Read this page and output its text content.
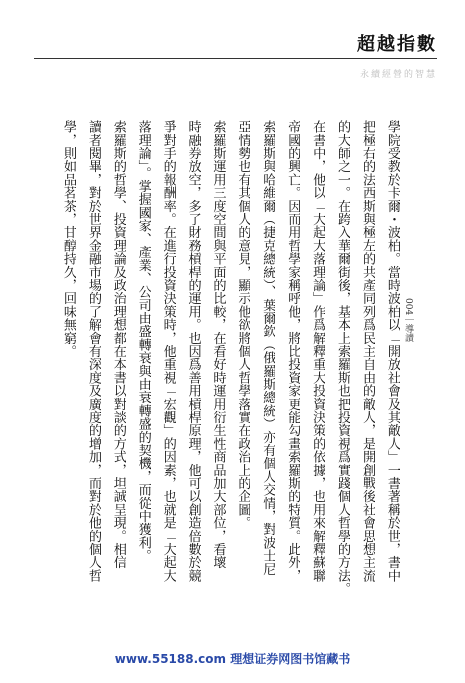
超越指數
永續經營的智慧
學院受教於卡爾・波柏。當時波柏以「開放社會及其敵人」一書著稱於世，書中
把極右的法西斯與極左的共產同列爲民主自由的敵人，是開創戰後社會思想主流
的大師之一。在跨入華爾街後，基本上索羅斯也把投資視爲實踐個人哲學的方法。
在書中，他以「大起大落理論」作爲解釋重大投資決策的依據，也用來解釋蘇聯
帝國的興亡。因而用哲學家稱呼他，將比投資家更能勾畫索羅斯的特質。此外，
索羅斯與哈維爾（捷克總統）、葉爾欽（俄羅斯總統）亦有個人交情，對波士尼
亞情勢也有其個人的意見，顯示他欲將個人哲學落實在政治上的企圖。
索羅斯運用三度空間與平面的比較，在看好時運用衍生性商品加大部位，看壞
時融券放空，多了財務槓桿的運用。也因爲善用槓桿原理，他可以創造倍數於競
爭對手的報酬率。在進行投資決策時，他重視「宏觀」的因素，也就是「大起大
落理論」。掌握國家、產業、公司由盛轉衰與由衰轉盛的契機，而從中獲利。
索羅斯的哲學、投資理論及政治理想都在本書以對談的方式，坦誠呈現。相信
讀者閱畢，對於世界金融市場的了解會有深度及廣度的增加，而對於他的個人哲
學，則如品茗茶，甘醇持久，回味無窮。	004｜導讀
www.55188.com 理想证券网图书馆藏书
